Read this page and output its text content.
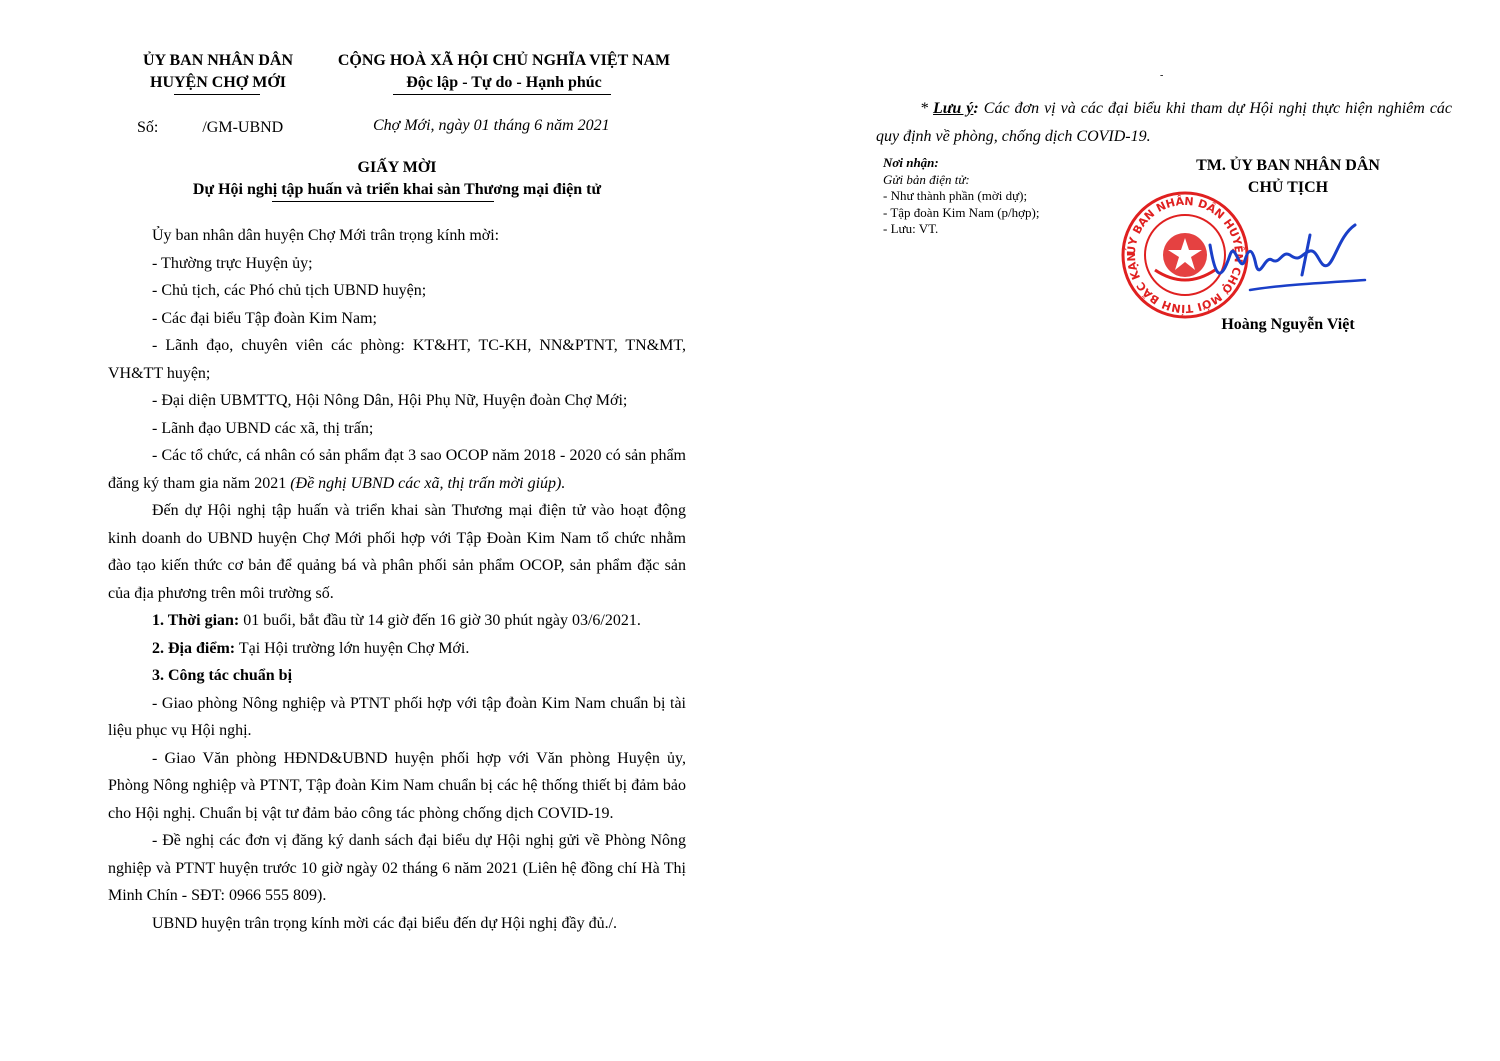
ỦY BAN NHÂN DÂN
HUYỆN CHỢ MỚI
CỘNG HOÀ XÃ HỘI CHỦ NGHĨA VIỆT NAM
Độc lập - Tự do - Hạnh phúc
Số:	/GM-UBND	Chợ Mới, ngày 01 tháng 6 năm 2021
GIẤY MỜI
Dự Hội nghị tập huấn và triển khai sàn Thương mại điện tử

Ủy ban nhân dân huyện Chợ Mới trân trọng kính mời:

- Thường trực Huyện ủy;

- Chủ tịch, các Phó chủ tịch UBND huyện;

- Các đại biểu Tập đoàn Kim Nam;

- Lãnh đạo, chuyên viên các phòng: KT&HT, TC-KH, NN&PTNT, TN&MT, VH&TT huyện;

- Đại diện UBMTTQ, Hội Nông Dân, Hội Phụ Nữ, Huyện đoàn Chợ Mới;

- Lãnh đạo UBND các xã, thị trấn;

- Các tổ chức, cá nhân có sản phẩm đạt 3 sao OCOP năm 2018 - 2020 có sản phẩm đăng ký tham gia năm 2021 (Đề nghị UBND các xã, thị trấn mời giúp).

Đến dự Hội nghị tập huấn và triển khai sàn Thương mại điện tử vào hoạt động kinh doanh do UBND huyện Chợ Mới phối hợp với Tập Đoàn Kim Nam tổ chức nhằm đào tạo kiến thức cơ bản để quảng bá và phân phối sản phẩm OCOP, sản phẩm đặc sản của địa phương trên môi trường số.

1. Thời gian: 01 buổi, bắt đầu từ 14 giờ đến 16 giờ 30 phút ngày 03/6/2021.

2. Địa điểm: Tại Hội trường lớn huyện Chợ Mới.

3. Công tác chuẩn bị

- Giao phòng Nông nghiệp và PTNT phối hợp với tập đoàn Kim Nam chuẩn bị tài liệu phục vụ Hội nghị.

- Giao Văn phòng HĐND&UBND huyện phối hợp với Văn phòng Huyện ủy, Phòng Nông nghiệp và PTNT, Tập đoàn Kim Nam chuẩn bị các hệ thống thiết bị đảm bảo cho Hội nghị. Chuẩn bị vật tư đảm bảo công tác phòng chống dịch COVID-19.

- Đề nghị các đơn vị đăng ký danh sách đại biểu dự Hội nghị gửi về Phòng Nông nghiệp và PTNT huyện trước 10 giờ ngày 02 tháng 6 năm 2021 (Liên hệ đồng chí Hà Thị Minh Chín - SĐT: 0966 555 809).

UBND huyện trân trọng kính mời các đại biểu đến dự Hội nghị đầy đủ./.

-
* Lưu ý: Các đơn vị và các đại biểu khi tham dự Hội nghị thực hiện nghiêm các quy định về phòng, chống dịch COVID-19.
Nơi nhận:
Gửi bản điện tử:
- Như thành phần (mời dự);
- Tập đoàn Kim Nam (p/hợp);
- Lưu: VT.
TM. ỦY BAN NHÂN DÂN
CHỦ TỊCH
ỦY BAN NHÂN DÂN HUYỆN CHỢ MỚI TỈNH BẮC KẠN
Hoàng Nguyễn Việt
